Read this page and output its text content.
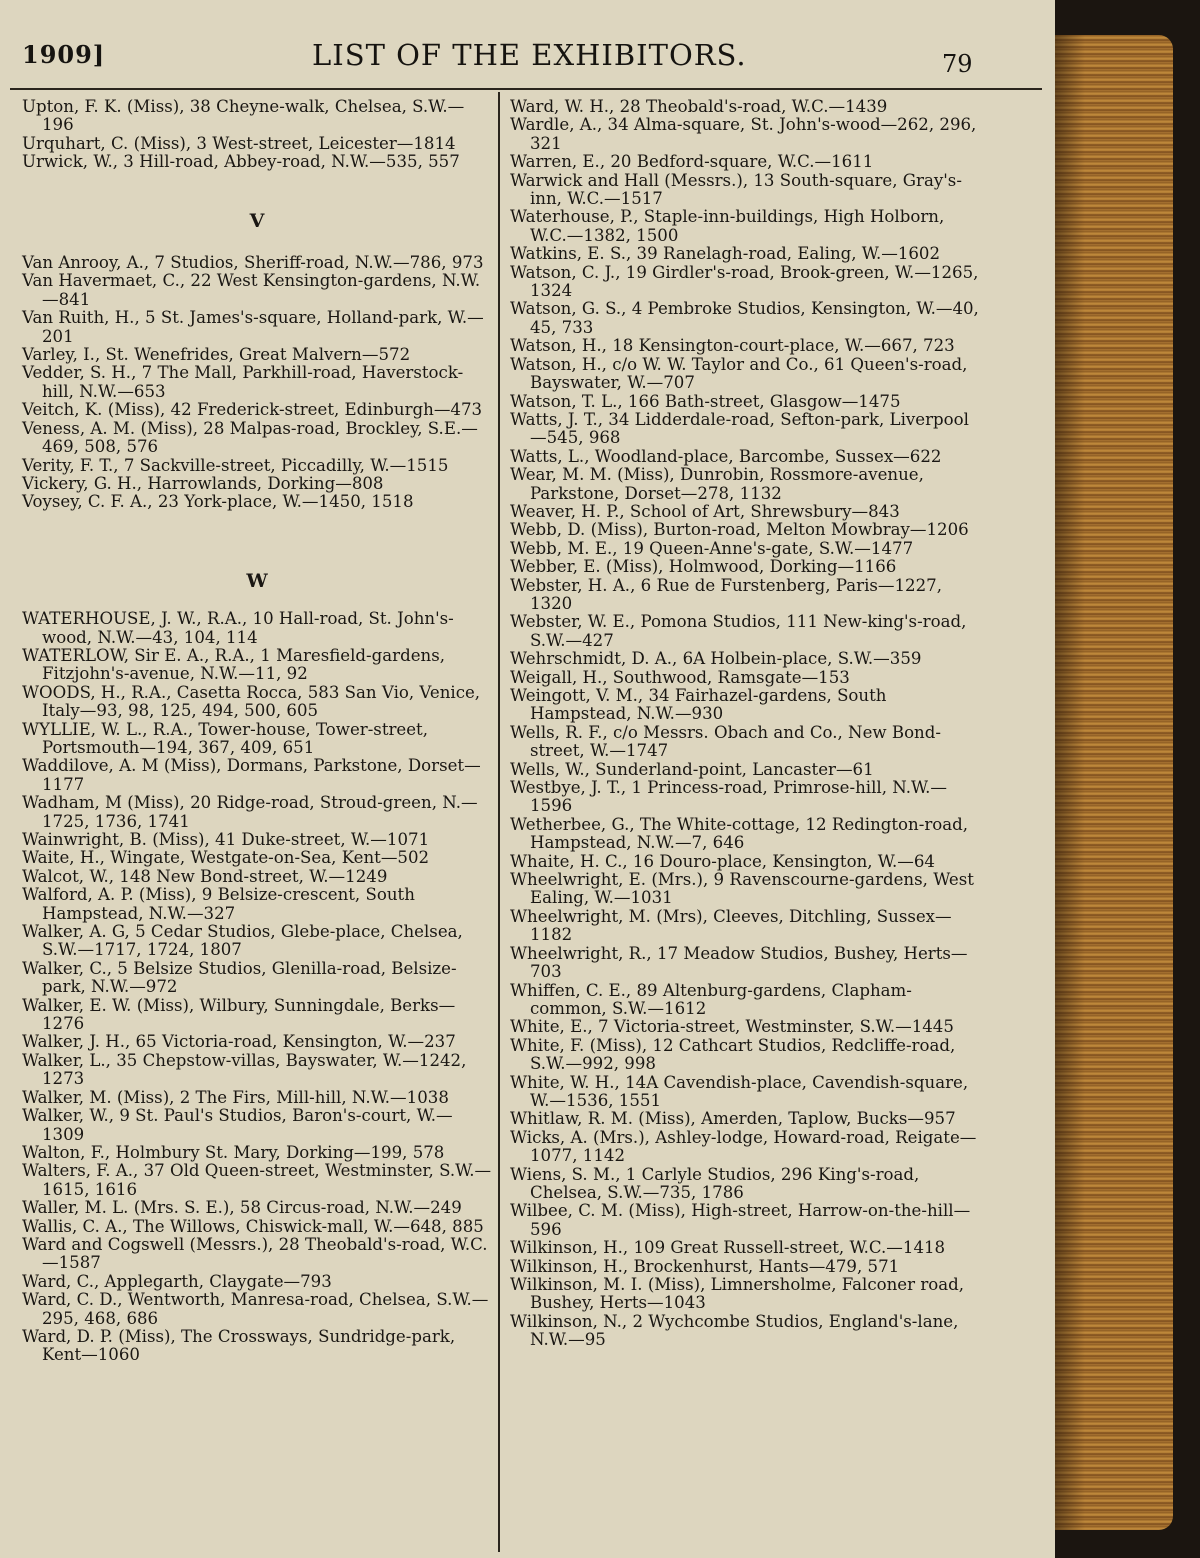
1909]	LIST OF THE EXHIBITORS.	79
Upton, F. K. (Miss), 38 Cheyne-walk, Chelsea, S.W.—196
Urquhart, C. (Miss), 3 West-street, Leicester—1814
Urwick, W., 3 Hill-road, Abbey-road, N.W.—535, 557
V
Van Anrooy, A., 7 Studios, Sheriff-road, N.W.—786, 973
Van Havermaet, C., 22 West Kensington-gardens, N.W.—841
Van Ruith, H., 5 St. James's-square, Holland-park, W.—201
Varley, I., St. Wenefrides, Great Malvern—572
Vedder, S. H., 7 The Mall, Parkhill-road, Haverstock-hill, N.W.—653
Veitch, K. (Miss), 42 Frederick-street, Edinburgh—473
Veness, A. M. (Miss), 28 Malpas-road, Brockley, S.E.—469, 508, 576
Verity, F. T., 7 Sackville-street, Piccadilly, W.—1515
Vickery, G. H., Harrowlands, Dorking—808
Voysey, C. F. A., 23 York-place, W.—1450, 1518
W
WATERHOUSE, J. W., R.A., 10 Hall-road, St. John's-wood, N.W.—43, 104, 114
WATERLOW, Sir E. A., R.A., 1 Maresfield-gardens, Fitzjohn's-avenue, N.W.—11, 92
WOODS, H., R.A., Casetta Rocca, 583 San Vio, Venice, Italy—93, 98, 125, 494, 500, 605
WYLLIE, W. L., R.A., Tower-house, Tower-street, Portsmouth—194, 367, 409, 651
Waddilove, A. M (Miss), Dormans, Parkstone, Dorset—1177
Wadham, M (Miss), 20 Ridge-road, Stroud-green, N.—1725, 1736, 1741
Wainwright, B. (Miss), 41 Duke-street, W.—1071
Waite, H., Wingate, Westgate-on-Sea, Kent—502
Walcot, W., 148 New Bond-street, W.—1249
Walford, A. P. (Miss), 9 Belsize-crescent, South Hampstead, N.W.—327
Walker, A. G, 5 Cedar Studios, Glebe-place, Chelsea, S.W.—1717, 1724, 1807
Walker, C., 5 Belsize Studios, Glenilla-road, Belsize-park, N.W.—972
Walker, E. W. (Miss), Wilbury, Sunningdale, Berks—1276
Walker, J. H., 65 Victoria-road, Kensington, W.—237
Walker, L., 35 Chepstow-villas, Bayswater, W.—1242, 1273
Walker, M. (Miss), 2 The Firs, Mill-hill, N.W.—1038
Walker, W., 9 St. Paul's Studios, Baron's-court, W.—1309
Walton, F., Holmbury St. Mary, Dorking—199, 578
Walters, F. A., 37 Old Queen-street, Westminster, S.W.—1615, 1616
Waller, M. L. (Mrs. S. E.), 58 Circus-road, N.W.—249
Wallis, C. A., The Willows, Chiswick-mall, W.—648, 885
Ward and Cogswell (Messrs.), 28 Theobald's-road, W.C.—1587
Ward, C., Applegarth, Claygate—793
Ward, C. D., Wentworth, Manresa-road, Chelsea, S.W.—295, 468, 686
Ward, D. P. (Miss), The Crossways, Sundridge-park, Kent—1060
Ward, W. H., 28 Theobald's-road, W.C.—1439
Wardle, A., 34 Alma-square, St. John's-wood—262, 296, 321
Warren, E., 20 Bedford-square, W.C.—1611
Warwick and Hall (Messrs.), 13 South-square, Gray's-inn, W.C.—1517
Waterhouse, P., Staple-inn-buildings, High Holborn, W.C.—1382, 1500
Watkins, E. S., 39 Ranelagh-road, Ealing, W.—1602
Watson, C. J., 19 Girdler's-road, Brook-green, W.—1265, 1324
Watson, G. S., 4 Pembroke Studios, Kensington, W.—40, 45, 733
Watson, H., 18 Kensington-court-place, W.—667, 723
Watson, H., c/o W. W. Taylor and Co., 61 Queen's-road, Bayswater, W.—707
Watson, T. L., 166 Bath-street, Glasgow—1475
Watts, J. T., 34 Lidderdale-road, Sefton-park, Liverpool—545, 968
Watts, L., Woodland-place, Barcombe, Sussex—622
Wear, M. M. (Miss), Dunrobin, Rossmore-avenue, Parkstone, Dorset—278, 1132
Weaver, H. P., School of Art, Shrewsbury—843
Webb, D. (Miss), Burton-road, Melton Mowbray—1206
Webb, M. E., 19 Queen-Anne's-gate, S.W.—1477
Webber, E. (Miss), Holmwood, Dorking—1166
Webster, H. A., 6 Rue de Furstenberg, Paris—1227, 1320
Webster, W. E., Pomona Studios, 111 New-king's-road, S.W.—427
Wehrschmidt, D. A., 6A Holbein-place, S.W.—359
Weigall, H., Southwood, Ramsgate—153
Weingott, V. M., 34 Fairhazel-gardens, South Hampstead, N.W.—930
Wells, R. F., c/o Messrs. Obach and Co., New Bond-street, W.—1747
Wells, W., Sunderland-point, Lancaster—61
Westbye, J. T., 1 Princess-road, Primrose-hill, N.W.—1596
Wetherbee, G., The White-cottage, 12 Redington-road, Hampstead, N.W.—7, 646
Whaite, H. C., 16 Douro-place, Kensington, W.—64
Wheelwright, E. (Mrs.), 9 Ravenscourne-gardens, West Ealing, W.—1031
Wheelwright, M. (Mrs), Cleeves, Ditchling, Sussex—1182
Wheelwright, R., 17 Meadow Studios, Bushey, Herts—703
Whiffen, C. E., 89 Altenburg-gardens, Clapham-common, S.W.—1612
White, E., 7 Victoria-street, Westminster, S.W.—1445
White, F. (Miss), 12 Cathcart Studios, Redcliffe-road, S.W.—992, 998
White, W. H., 14A Cavendish-place, Cavendish-square, W.—1536, 1551
Whitlaw, R. M. (Miss), Amerden, Taplow, Bucks—957
Wicks, A. (Mrs.), Ashley-lodge, Howard-road, Reigate—1077, 1142
Wiens, S. M., 1 Carlyle Studios, 296 King's-road, Chelsea, S.W.—735, 1786
Wilbee, C. M. (Miss), High-street, Harrow-on-the-hill—596
Wilkinson, H., 109 Great Russell-street, W.C.—1418
Wilkinson, H., Brockenhurst, Hants—479, 571
Wilkinson, M. I. (Miss), Limnersholme, Falconer road, Bushey, Herts—1043
Wilkinson, N., 2 Wychcombe Studios, England's-lane, N.W.—95
